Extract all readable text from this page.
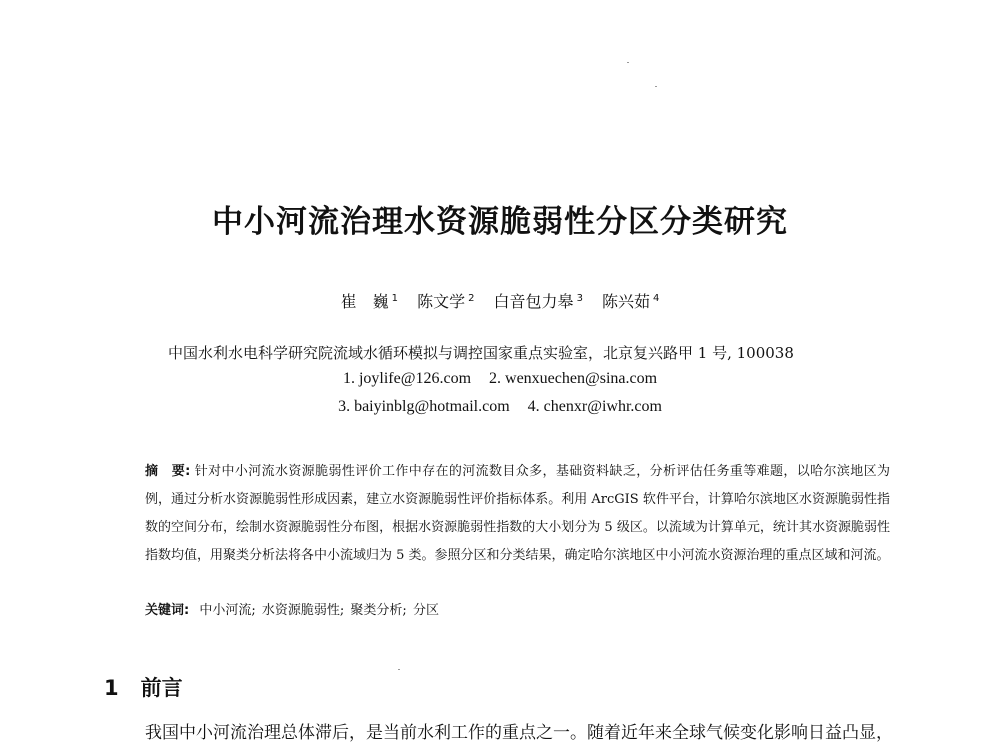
中小河流治理水资源脆弱性分区分类研究
崔　巍 $^1$ 陈文学 $^2$ 白音包力皋 $^3$ 陈兴茹 $^4$
中国水利水电科学研究院流域水循环模拟与调控国家重点实验室，北京复兴路甲 1 号, 100038
1. joylife@126.com 2. wenxuechen@sina.com
3. baiyinblg@hotmail.com 4. chenxr@iwhr.com
摘　要: 针对中小河流水资源脆弱性评价工作中存在的河流数目众多，基础资料缺乏，分析评估任务重等难题，以哈尔滨地区为例，通过分析水资源脆弱性形成因素，建立水资源脆弱性评价指标体系。利用 ArcGIS 软件平台，计算哈尔滨地区水资源脆弱性指数的空间分布，绘制水资源脆弱性分布图，根据水资源脆弱性指数的大小划分为 5 级区。以流域为计算单元，统计其水资源脆弱性指数均值，用聚类分析法将各中小流域归为 5 类。参照分区和分类结果，确定哈尔滨地区中小河流水资源治理的重点区域和河流。
关键词: 中小河流; 水资源脆弱性; 聚类分析; 分区
1 前言
我国中小河流治理总体滞后，是当前水利工作的重点之一。随着近年来全球气候变化影响日益凸显，
